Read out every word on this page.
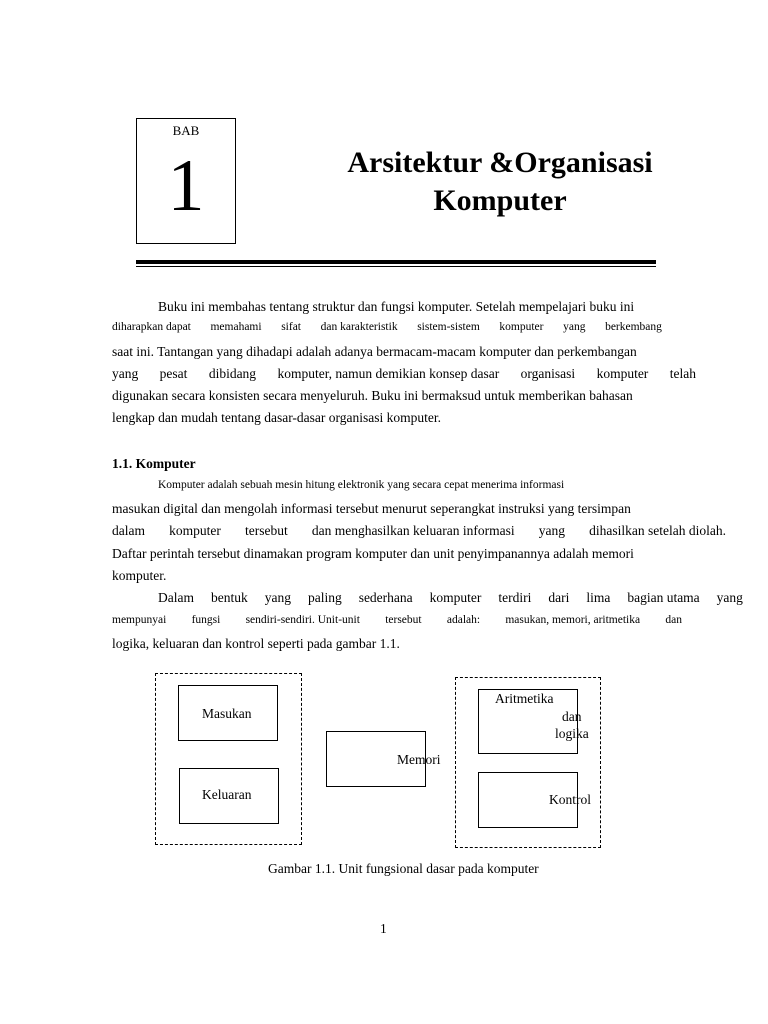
BAB
1	Arsitektur &Organisasi
Komputer
Buku ini membahas tentang struktur dan fungsi komputer. Setelah mempelajari buku ini
diharapkan dapat memahami sifat dan karakteristik sistem-sistem komputer yang berkembang
saat ini. Tantangan yang dihadapi adalah adanya bermacam-macam komputer dan perkembangan
yang pesat dibidang komputer, namun demikian konsep dasar organisasi komputer telah
digunakan secara konsisten secara menyeluruh. Buku ini bermaksud untuk memberikan bahasan
lengkap dan mudah tentang dasar-dasar organisasi komputer.
1.1. Komputer
Komputer adalah sebuah mesin hitung elektronik yang secara cepat menerima informasi
masukan digital dan mengolah informasi tersebut menurut seperangkat instruksi yang tersimpan
dalam komputer tersebut dan menghasilkan keluaran informasi yang dihasilkan setelah diolah.
Daftar perintah tersebut dinamakan program komputer dan unit penyimpanannya adalah memori
komputer.
Dalam bentuk yang paling sederhana komputer terdiri dari lima bagian utama yang
mempunyai fungsi sendiri-sendiri. Unit-unit tersebut adalah: masukan, memori, aritmetika dan
logika, keluaran dan kontrol seperti pada gambar 1.1.
Masukan
Keluaran
Memori
Aritmetika
dan
logika
Kontrol
Gambar 1.1. Unit fungsional dasar pada komputer
1
